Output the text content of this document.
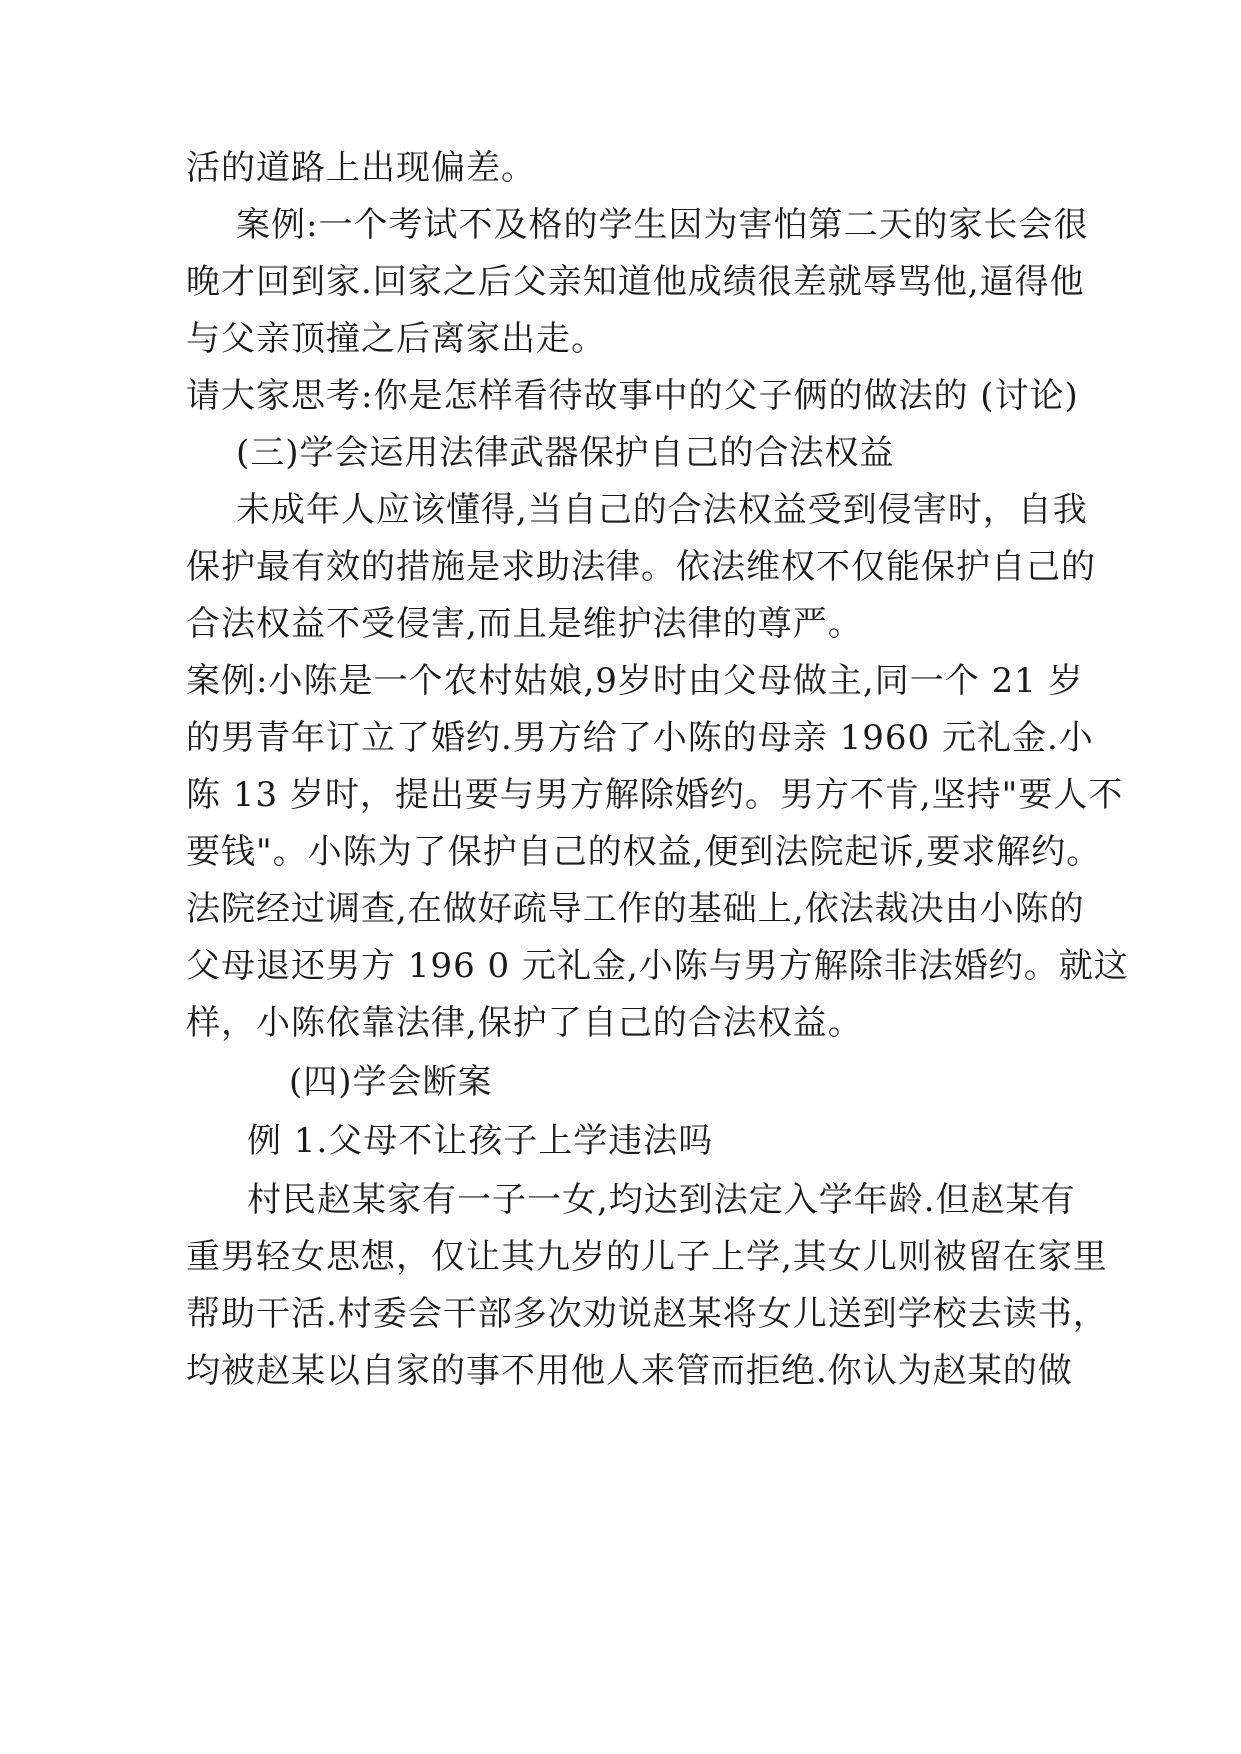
活的道路上出现偏差。
案例:一个考试不及格的学生因为害怕第二天的家长会很
晚才回到家.回家之后父亲知道他成绩很差就辱骂他,逼得他
与父亲顶撞之后离家出走。
请大家思考:你是怎样看待故事中的父子俩的做法的 (讨论)
(三)学会运用法律武器保护自己的合法权益
未成年人应该懂得,当自己的合法权益受到侵害时，自我
保护最有效的措施是求助法律。依法维权不仅能保护自己的
合法权益不受侵害,而且是维护法律的尊严。
案例:小陈是一个农村姑娘,9岁时由父母做主,同一个 21 岁
的男青年订立了婚约.男方给了小陈的母亲 1960 元礼金.小
陈 13 岁时，提出要与男方解除婚约。男方不肯,坚持"要人不
要钱"。小陈为了保护自己的权益,便到法院起诉,要求解约。
法院经过调查,在做好疏导工作的基础上,依法裁决由小陈的
父母退还男方 196 0 元礼金,小陈与男方解除非法婚约。就这
样，小陈依靠法律,保护了自己的合法权益。
(四)学会断案
例 1.父母不让孩子上学违法吗
村民赵某家有一子一女,均达到法定入学年龄.但赵某有
重男轻女思想，仅让其九岁的儿子上学,其女儿则被留在家里
帮助干活.村委会干部多次劝说赵某将女儿送到学校去读书，
均被赵某以自家的事不用他人来管而拒绝.你认为赵某的做
